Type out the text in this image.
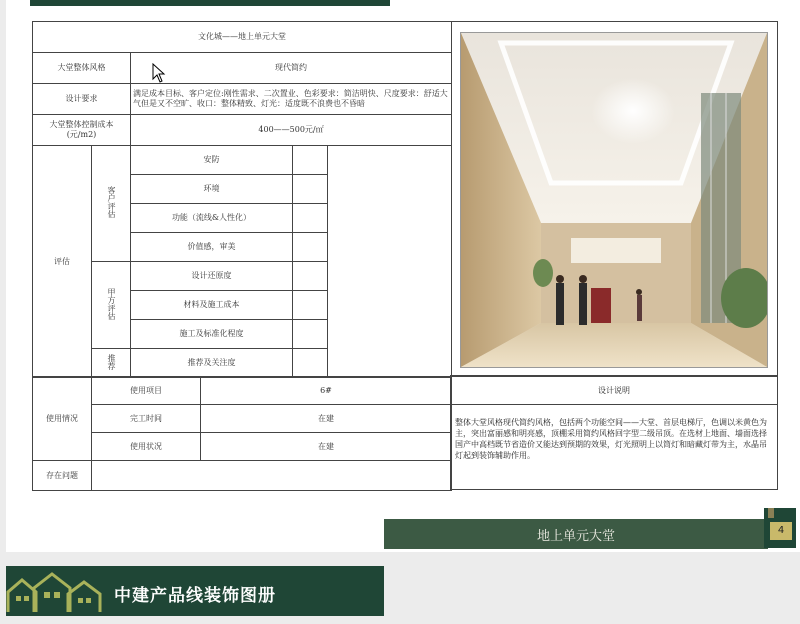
文化城——地上单元大堂				
大堂整体风格		现代简约		
设计要求		满足成本目标、客户定位:刚性需求、二次置业、色彩要求：简洁明快、尺度要求：舒适大气但是又不空旷、收口：整体精致、灯光：适度既不浪费也不昏暗		
大堂整体控制成本(元/m2)		400——500元/㎡		
评估	客户评估	安防		
		环境		
		功能（流线&人性化）		
		价值感，审美		
	甲方评估	设计还原度		
		材料及施工成本		
		施工及标准化程度		
	推荐	推荐及关注度		
使用情况	使用项目	6#
	完工时间	在建
	使用状况	在建
存在问题		
设计说明
整体大堂风格现代简约风格，包括两个功能空间——大堂、首层电梯厅，色调以米黄色为主，突出富丽感和明亮感，顶棚采用简约风格回字型二级吊顶。在选材上地面、墙面选择国产中高档既节省造价又能达到预期的效果，灯光照明上以筒灯和暗藏灯带为主，水晶吊灯起到装饰辅助作用。
地上单元大堂	4
中建产品线装饰图册
